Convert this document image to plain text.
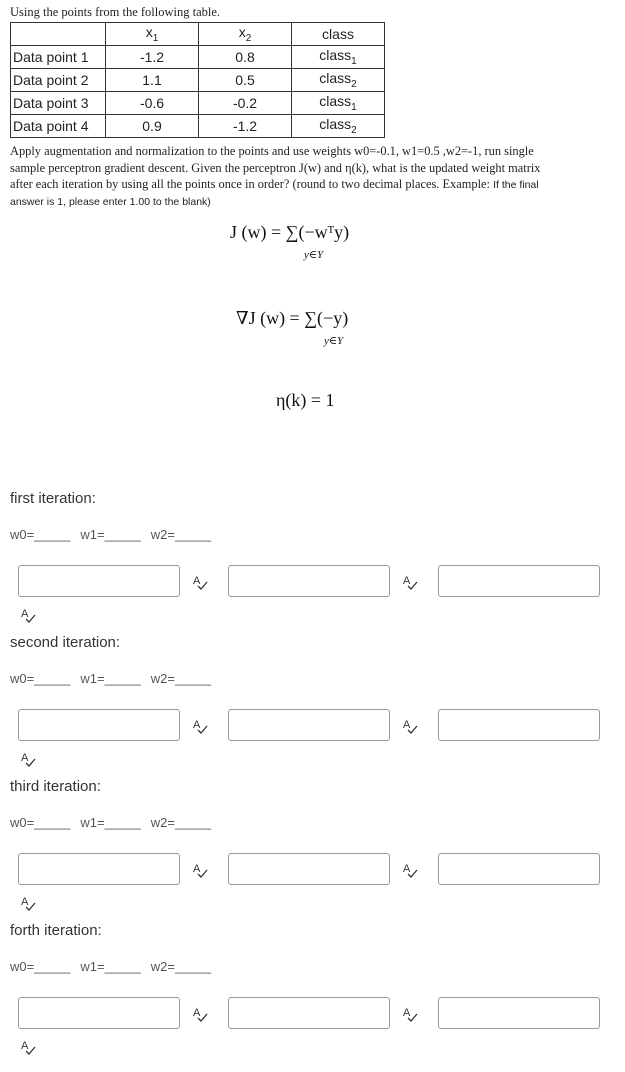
Using the points from the following table.
	$x_1$	$x_2$	class
Data point 1	-1.2	0.8	class$_1$
Data point 2	1.1	0.5	class$_2$
Data point 3	-0.6	-0.2	class$_1$
Data point 4	0.9	-1.2	class$_2$
Apply augmentation and normalization to the points and use weights w0=-0.1, w1=0.5 ,w2=-1, run single
sample perceptron gradient descent. Given the perceptron J(w) and η(k), what is the updated weight matrix
after each iteration by using all the points once in order? (round to two decimal places. Example: If the final
answer is 1, please enter 1.00 to the blank)
J (w) = ∑(−wᵀy)
y∈Y
∇J (w) = ∑(−y)
y∈Y
η(k) = 1
first iteration:
w0=_____ w1=_____ w2=_____
A	A
A
second iteration:
w0=_____ w1=_____ w2=_____
A	A
A
third iteration:
w0=_____ w1=_____ w2=_____
A	A
A
forth iteration:
w0=_____ w1=_____ w2=_____
A	A
A
